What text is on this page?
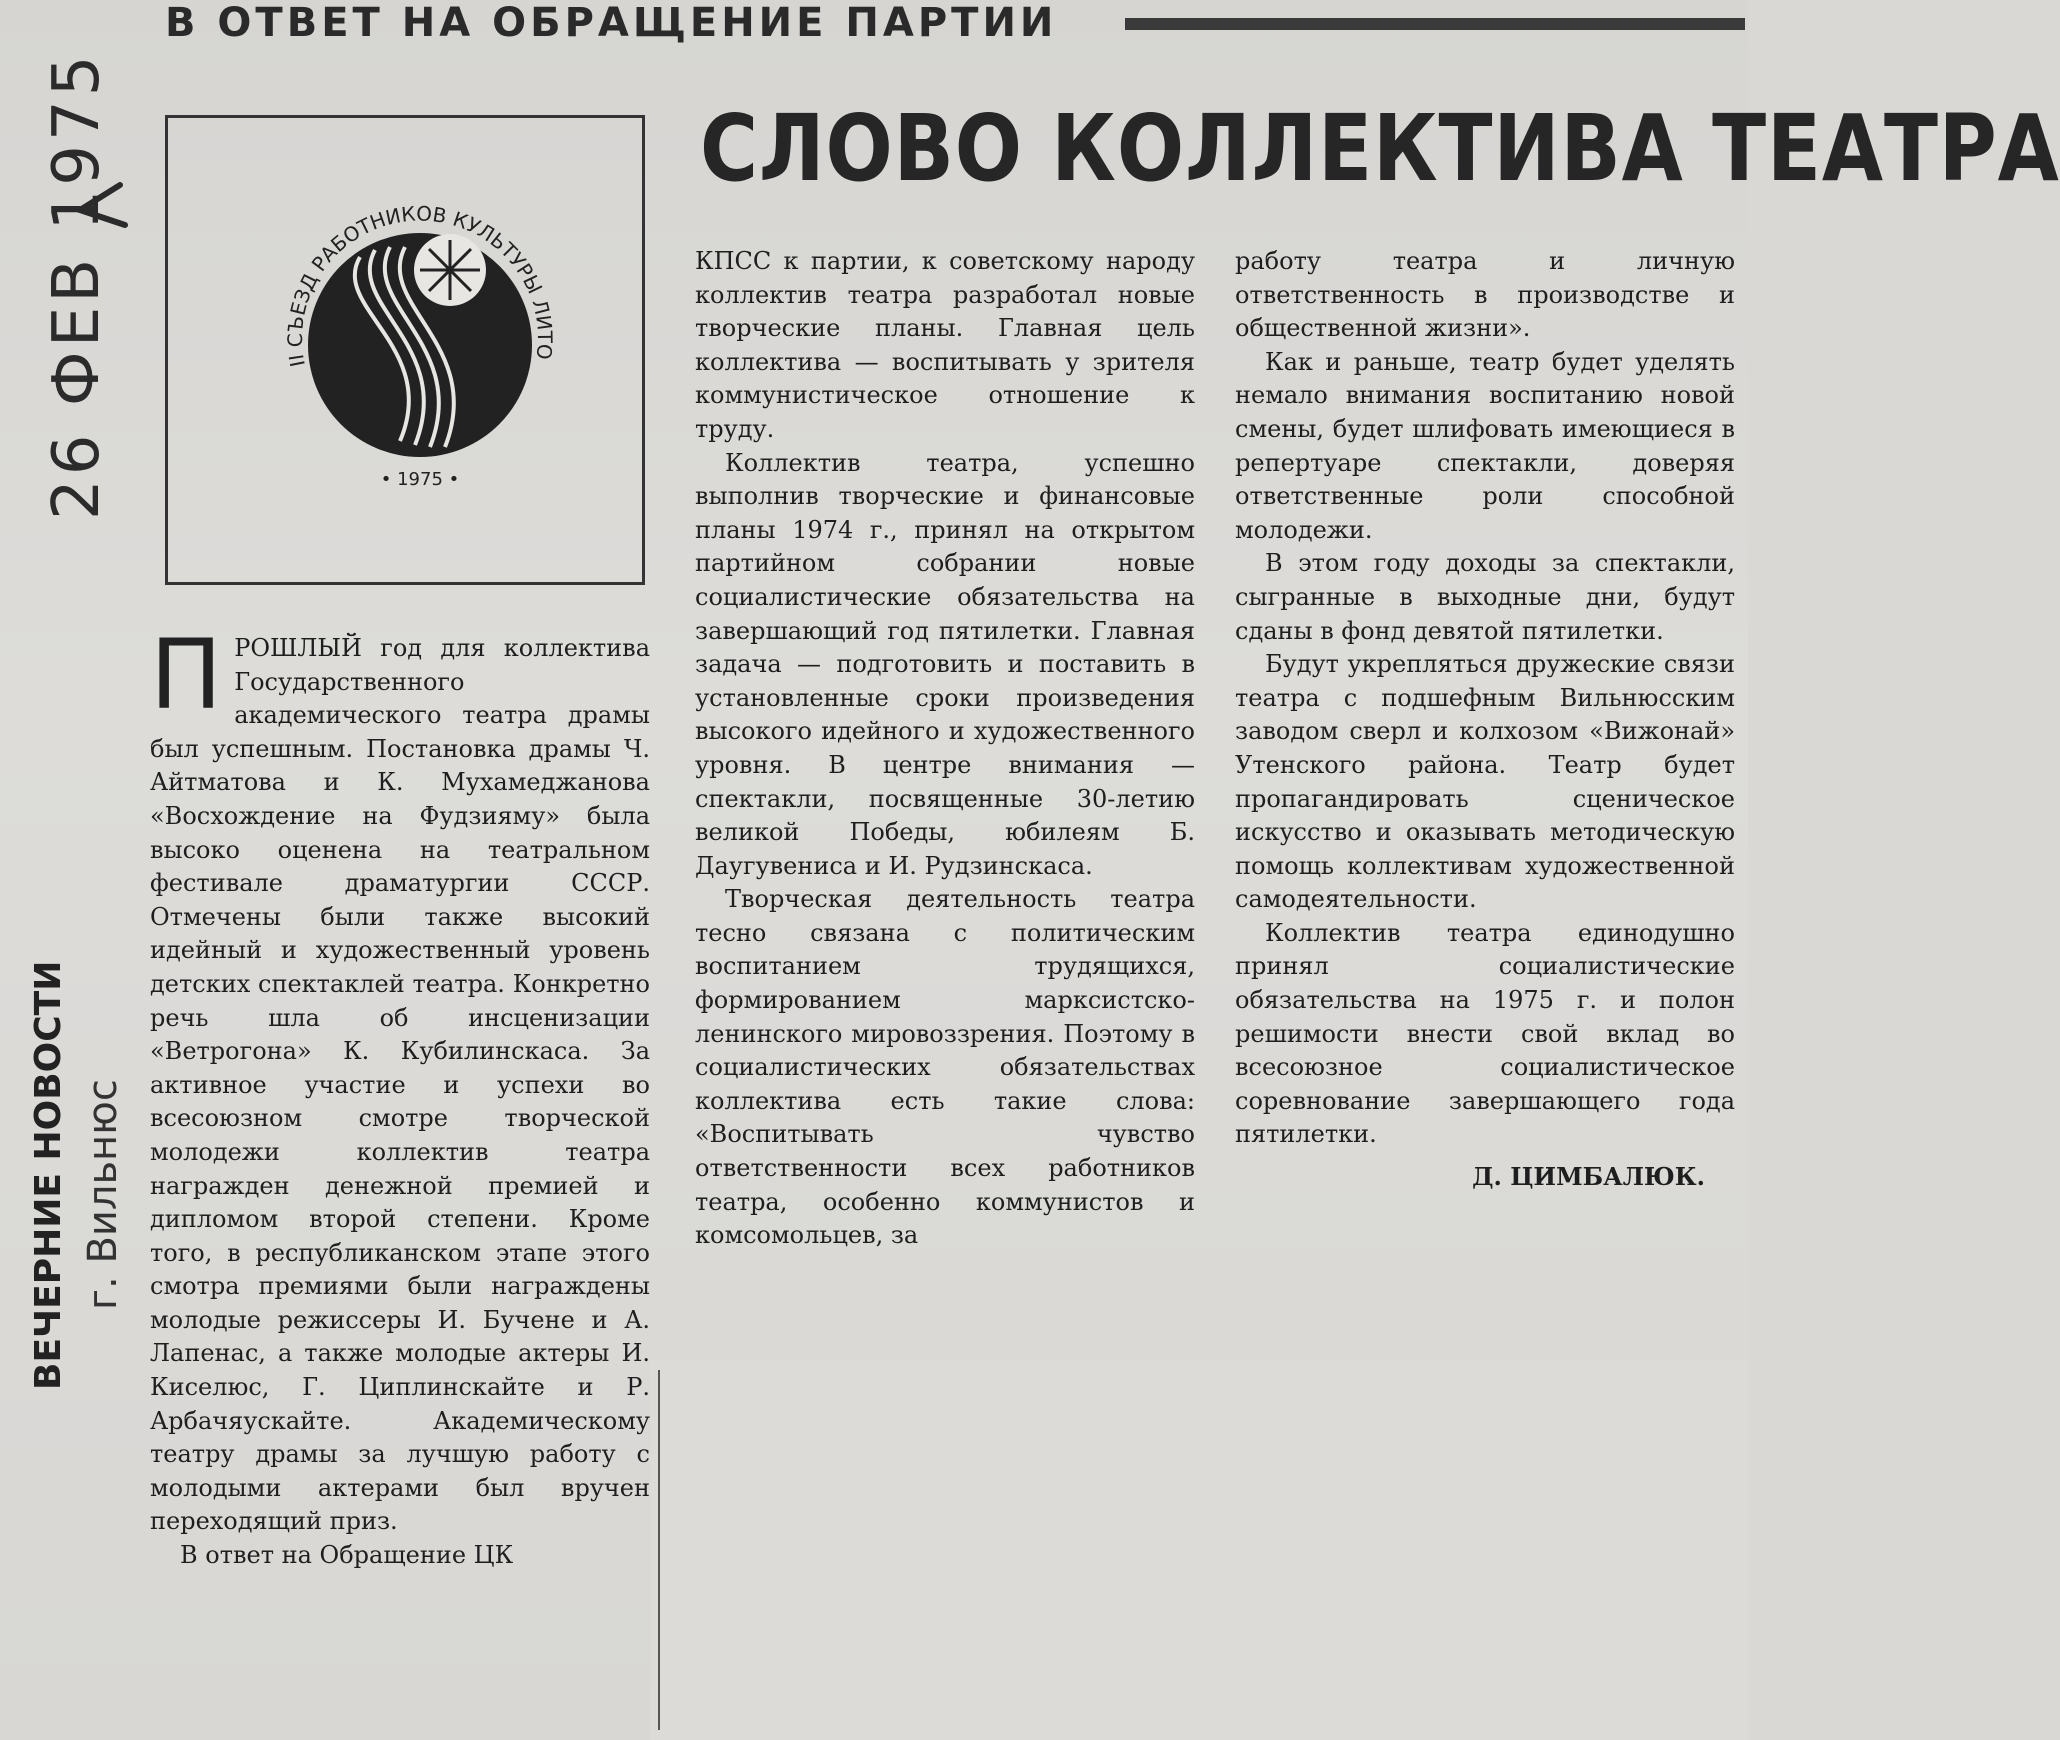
В ОТВЕТ НА ОБРАЩЕНИЕ ПАРТИИ
СЛОВО КОЛЛЕКТИВА ТЕАТРА
26 ФЕВ 1975
ВЕЧЕРНИЕ НОВОСТИ г. Вильнюс
II СЪЕЗД РАБОТНИКОВ КУЛЬТУРЫ ЛИТО
• 1975 •
П РОШЛЫЙ год для коллектива Государственного академического театра драмы был успешным. Постановка драмы Ч. Айтматова и К. Мухамеджанова «Восхождение на Фудзияму» была высоко оценена на театральном фестивале драматургии СССР. Отмечены были также высокий идейный и художественный уровень детских спектаклей театра. Конкретно речь шла об инсценизации «Ветрогона» К. Кубилинскаса. За активное участие и успехи во всесоюзном смотре творческой молодежи коллектив театра награжден денежной премией и дипломом второй степени. Кроме того, в республиканском этапе этого смотра премиями были награждены молодые режиссеры И. Бучене и А. Лапенас, а также молодые актеры И. Киселюс, Г. Циплинскайте и Р. Арбачяускайте. Академическому театру драмы за лучшую работу с молодыми актерами был вручен переходящий приз.

В ответ на Обращение ЦК

КПСС к партии, к советскому народу коллектив театра разработал новые творческие планы. Главная цель коллектива — воспитывать у зрителя коммунистическое отношение к труду.

Коллектив театра, успешно выполнив творческие и финансовые планы 1974 г., принял на открытом партийном собрании новые социалистические обязательства на завершающий год пятилетки. Главная задача — подготовить и поставить в установленные сроки произведения высокого идейного и художественного уровня. В центре внимания — спектакли, посвященные 30-летию великой Победы, юбилеям Б. Даугувениса и И. Рудзинскаса.

Творческая деятельность театра тесно связана с политическим воспитанием трудящихся, формированием марксистско-ленинского мировоззрения. Поэтому в социалистических обязательствах коллектива есть такие слова: «Воспитывать чувство ответственности всех работников театра, особенно коммунистов и комсомольцев, за

работу театра и личную ответственность в производстве и общественной жизни».

Как и раньше, театр будет уделять немало внимания воспитанию новой смены, будет шлифовать имеющиеся в репертуаре спектакли, доверяя ответственные роли способной молодежи.

В этом году доходы за спектакли, сыгранные в выходные дни, будут сданы в фонд девятой пятилетки.

Будут укрепляться дружеские связи театра с подшефным Вильнюсским заводом сверл и колхозом «Вижонай» Утенского района. Театр будет пропагандировать сценическое искусство и оказывать методическую помощь коллективам художественной самодеятельности.

Коллектив театра единодушно принял социалистические обязательства на 1975 г. и полон решимости внести свой вклад во всесоюзное социалистическое соревнование завершающего года пятилетки.

Д. ЦИМБАЛЮК.
